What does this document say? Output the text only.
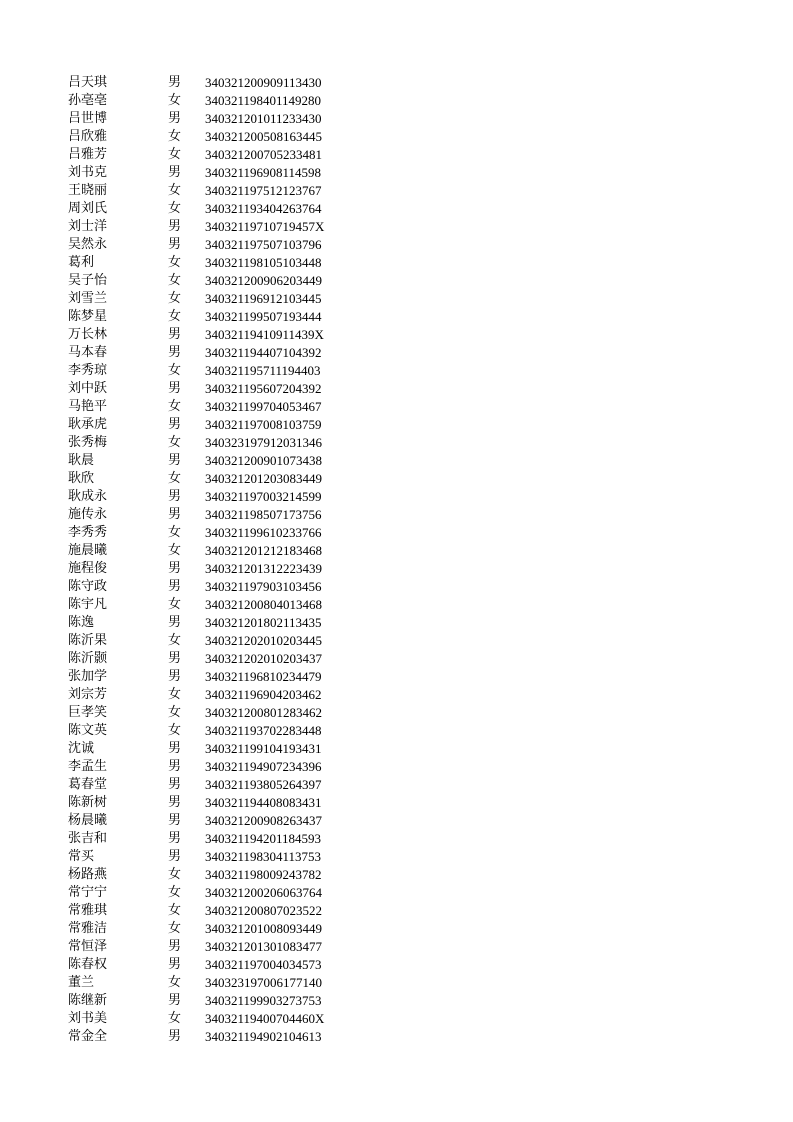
吕天琪	男 340321200909113430
孙亳亳	女 340321198401149280
吕世博	男 340321201011233430
吕欣雅	女 340321200508163445
吕雅芳	女 340321200705233481
刘书克	男 340321196908114598
王晓丽	女 340321197512123767
周刘氏	女 340321193404263764
刘士洋	男 34032119710719457X
吴然永	男 340321197507103796
葛利	女 340321198105103448
吴子怡	女 340321200906203449
刘雪兰	女 340321196912103445
陈梦星	女 340321199507193444
万长林	男 34032119410911439X
马本春	男 340321194407104392
李秀琼	女 340321195711194403
刘中跃	男 340321195607204392
马艳平	女 340321199704053467
耿承虎	男 340321197008103759
张秀梅	女 340323197912031346
耿晨	男 340321200901073438
耿欣	女 340321201203083449
耿成永	男 340321197003214599
施传永	男 340321198507173756
李秀秀	女 340321199610233766
施晨曦	女 340321201212183468
施程俊	男 340321201312223439
陈守政	男 340321197903103456
陈宇凡	女 340321200804013468
陈逸	男 340321201802113435
陈沂果	女 340321202010203445
陈沂颢	男 340321202010203437
张加学	男 340321196810234479
刘宗芳	女 340321196904203462
巨孝笑	女 340321200801283462
陈文英	女 340321193702283448
沈诚	男 340321199104193431
李孟生	男 340321194907234396
葛春堂	男 340321193805264397
陈新树	男 340321194408083431
杨晨曦	男 340321200908263437
张吉和	男 340321194201184593
常买	男 340321198304113753
杨路燕	女 340321198009243782
常宁宁	女 340321200206063764
常雅琪	女 340321200807023522
常雅洁	女 340321201008093449
常恒泽	男 340321201301083477
陈春权	男 340321197004034573
董兰	女 340323197006177140
陈继新	男 340321199903273753
刘书美	女 34032119400704460X
常金全	男 340321194902104613
